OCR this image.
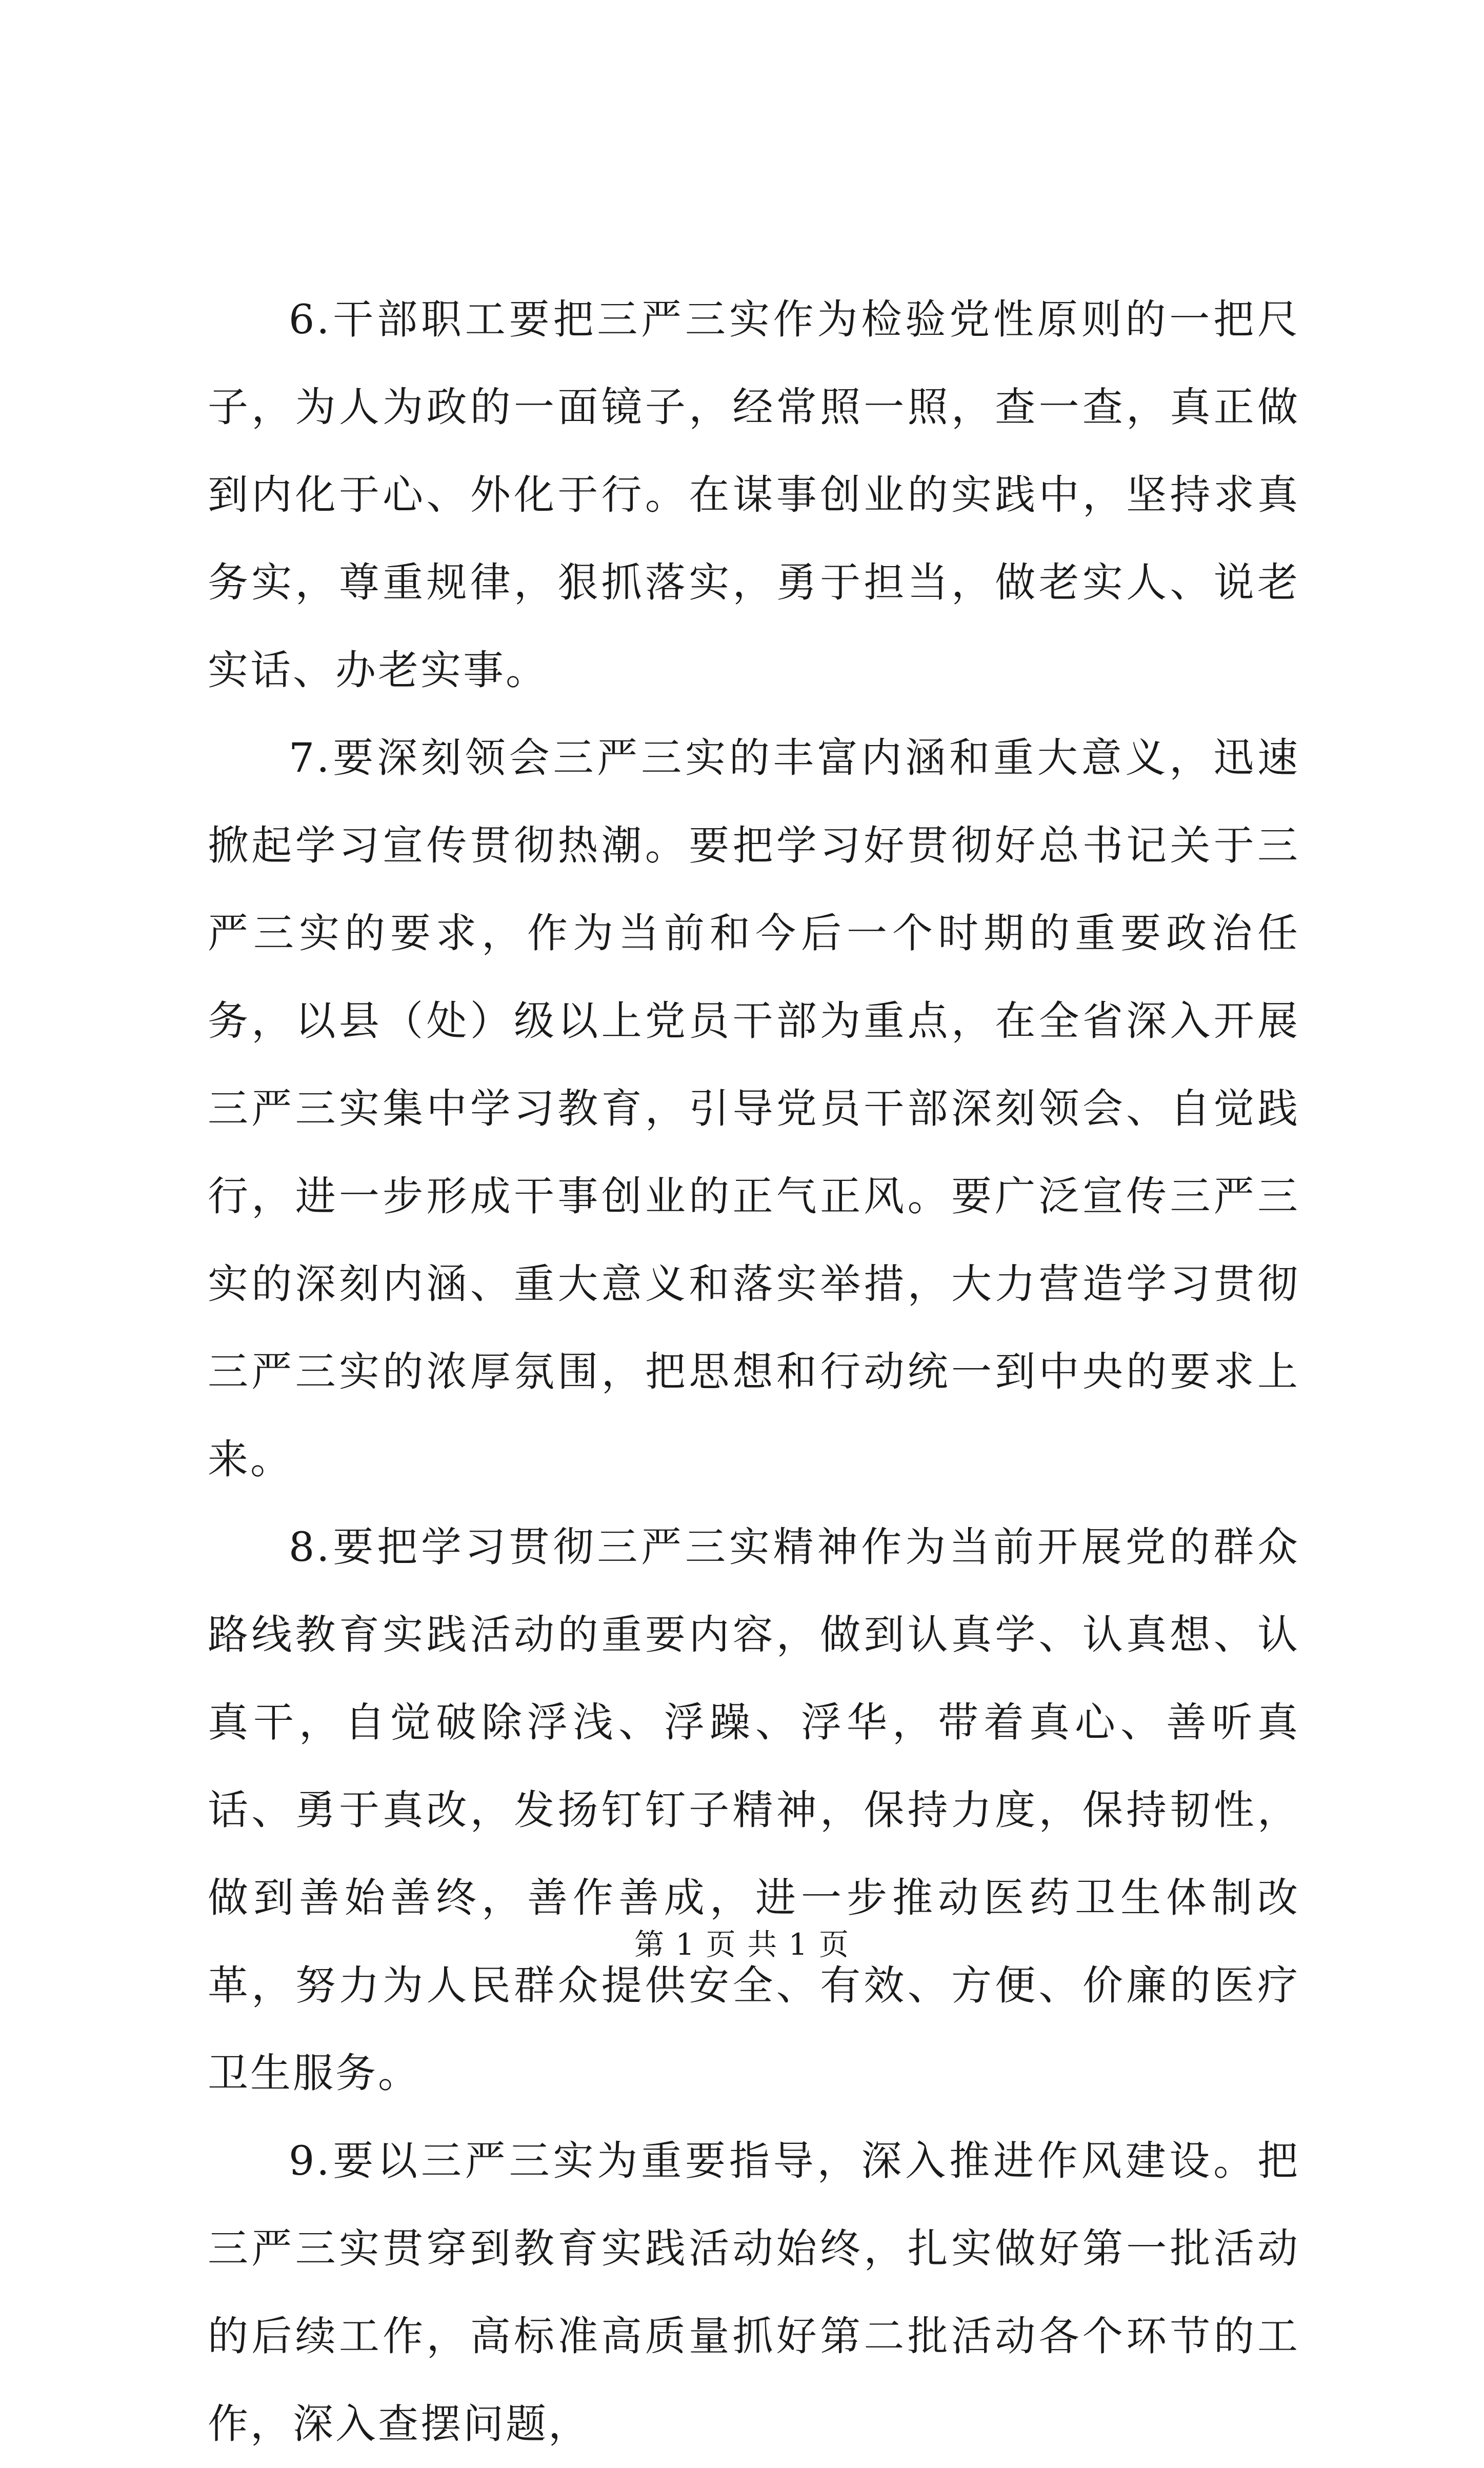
6.干部职工要把三严三实作为检验党性原则的一把尺子，为人为政的一面镜子，经常照一照，查一查，真正做到内化于心、外化于行。在谋事创业的实践中，坚持求真务实，尊重规律，狠抓落实，勇于担当，做老实人、说老实话、办老实事。

7.要深刻领会三严三实的丰富内涵和重大意义，迅速掀起学习宣传贯彻热潮。要把学习好贯彻好总书记关于三严三实的要求，作为当前和今后一个时期的重要政治任务，以县（处）级以上党员干部为重点，在全省深入开展三严三实集中学习教育，引导党员干部深刻领会、自觉践行，进一步形成干事创业的正气正风。要广泛宣传三严三实的深刻内涵、重大意义和落实举措，大力营造学习贯彻三严三实的浓厚氛围，把思想和行动统一到中央的要求上来。

8.要把学习贯彻三严三实精神作为当前开展党的群众路线教育实践活动的重要内容，做到认真学、认真想、认真干，自觉破除浮浅、浮躁、浮华，带着真心、善听真话、勇于真改，发扬钉钉子精神，保持力度，保持韧性，做到善始善终，善作善成，进一步推动医药卫生体制改革，努力为人民群众提供安全、有效、方便、价廉的医疗卫生服务。

9.要以三严三实为重要指导，深入推进作风建设。把三严三实贯穿到教育实践活动始终，扎实做好第一批活动的后续工作，高标准高质量抓好第二批活动各个环节的工作，深入查摆问题，

第 1 页 共 1 页
